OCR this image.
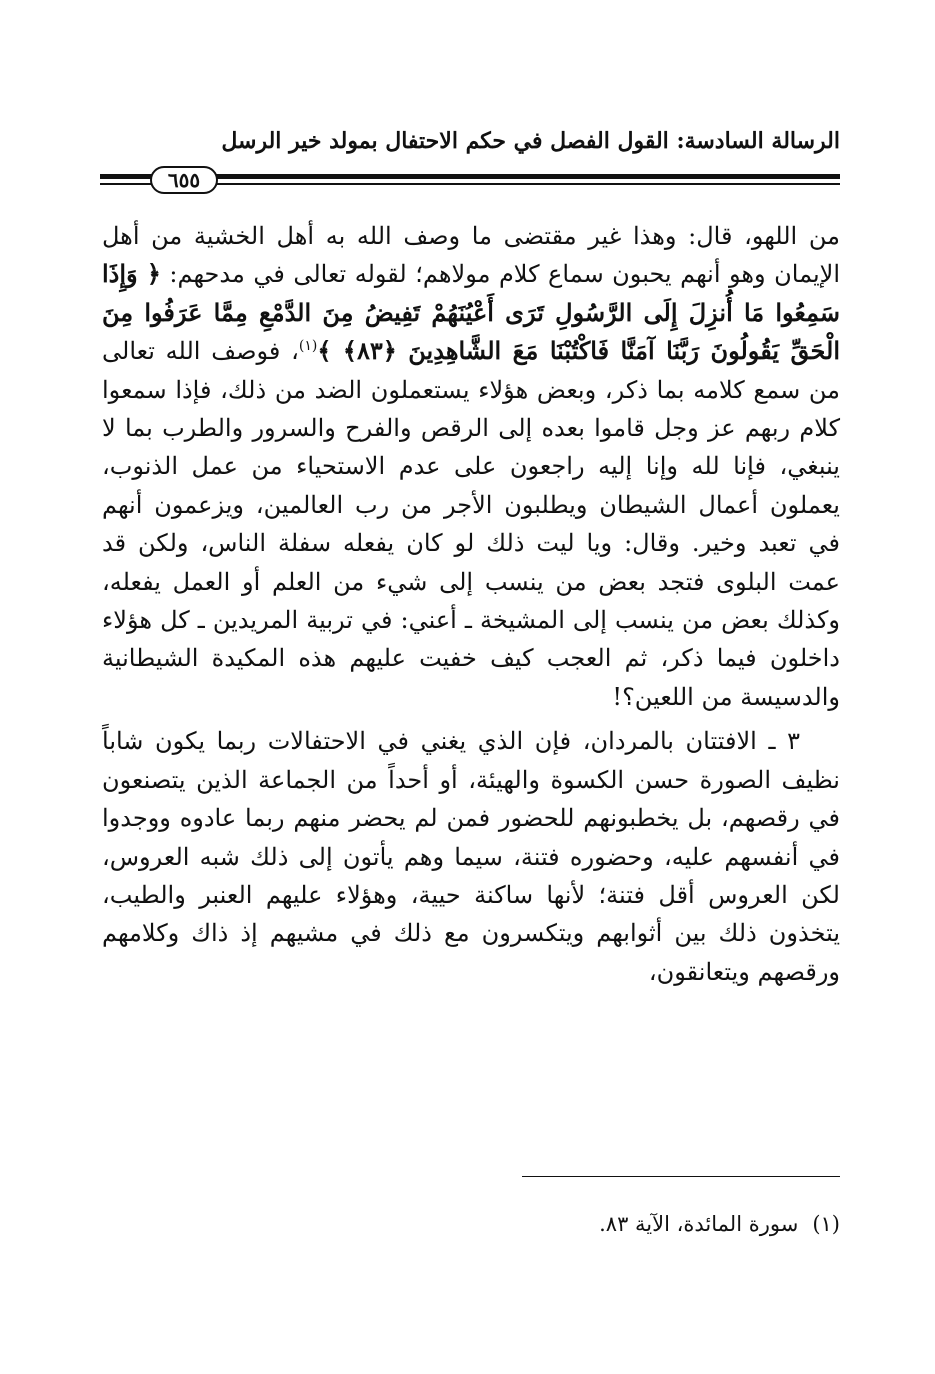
الرسالة السادسة: القول الفصل في حكم الاحتفال بمولد خير الرسل
٦٥٥

من اللهو، قال: وهذا غير مقتضى ما وصف الله به أهل الخشية من أهل الإيمان وهو أنهم يحبون سماع كلام مولاهم؛ لقوله تعالى في مدحهم: ﴿ وَإِذَا سَمِعُوا مَا أُنزِلَ إِلَى الرَّسُولِ تَرَى أَعْيُنَهُمْ تَفِيضُ مِنَ الدَّمْعِ مِمَّا عَرَفُوا مِنَ الْحَقِّ يَقُولُونَ رَبَّنَا آمَنَّا فَاكْتُبْنَا مَعَ الشَّاهِدِينَ ﴿٨٣﴾ ﴾$^{(١)}$، فوصف الله تعالى من سمع كلامه بما ذكر، وبعض هؤلاء يستعملون الضد من ذلك، فإذا سمعوا كلام ربهم عز وجل قاموا بعده إلى الرقص والفرح والسرور والطرب بما لا ينبغي، فإنا لله وإنا إليه راجعون على عدم الاستحياء من عمل الذنوب، يعملون أعمال الشيطان ويطلبون الأجر من رب العالمين، ويزعمون أنهم في تعبد وخير. وقال: ويا ليت ذلك لو كان يفعله سفلة الناس، ولكن قد عمت البلوى فتجد بعض من ينسب إلى شيء من العلم أو العمل يفعله، وكذلك بعض من ينسب إلى المشيخة ـ أعني: في تربية المريدين ـ كل هؤلاء داخلون فيما ذكر، ثم العجب كيف خفيت عليهم هذه المكيدة الشيطانية والدسيسة من اللعين؟!

٣ ـ الافتتان بالمردان، فإن الذي يغني في الاحتفالات ربما يكون شاباً نظيف الصورة حسن الكسوة والهيئة، أو أحداً من الجماعة الذين يتصنعون في رقصهم، بل يخطبونهم للحضور فمن لم يحضر منهم ربما عادوه ووجدوا في أنفسهم عليه، وحضوره فتنة، سيما وهم يأتون إلى ذلك شبه العروس، لكن العروس أقل فتنة؛ لأنها ساكنة حيية، وهؤلاء عليهم العنبر والطيب، يتخذون ذلك بين أثوابهم ويتكسرون مع ذلك في مشيهم إذ ذاك وكلامهم ورقصهم ويتعانقون،

(١)سورة المائدة، الآية ٨٣.
